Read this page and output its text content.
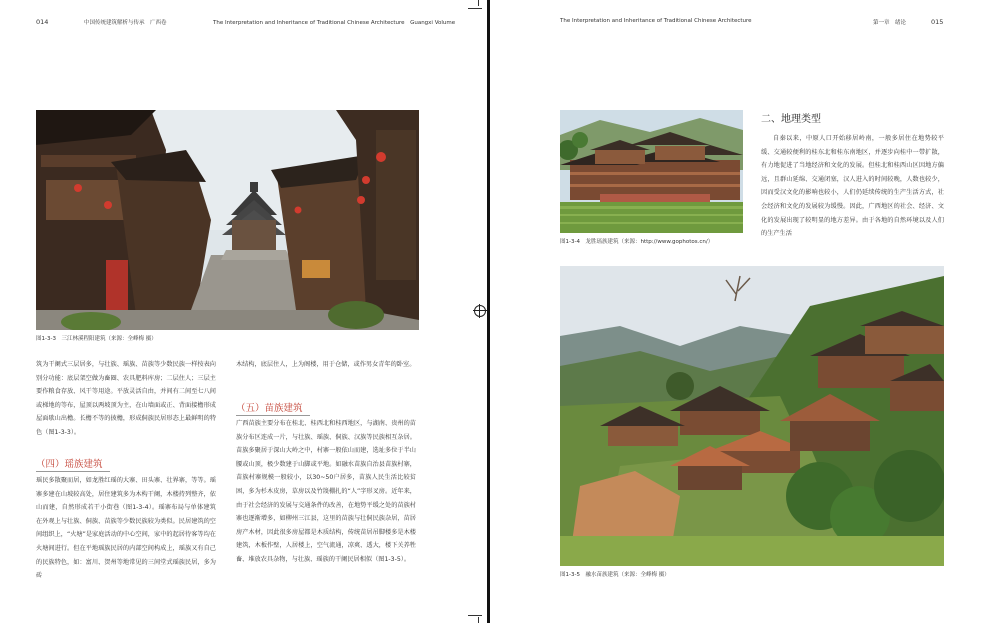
014	中国传统建筑解析与传承　广西卷	The Interpretation and Inheritance of Traditional Chinese Architecture　Guangxi Volume
图1-3-3　三江林溪程阳建筑（来源：全峰梅 摄）
筑为干阑式三层居多，与壮族、瑶族、苗族等少数民族一样按表向别分功能：底层架空做为畜圈、农具肥料库房；二层住人；三层主要作粮食存放、风干等用途。平放灵活自由，并间有二间至七八间或梯地的等布，屋顶以两坡顶为主，在山墙面或正、背面接檐形成屋面歇山出檐。长檐不等的披檐，形成侗族民居形态上最鲜明的特色（图1-3-3）。
（四）瑶族建筑
瑶民多散聚而居，如龙胜红瑶的大寨、田头寨、壮界寨，等等。瑶寨多建在山坡较高处，居住建筑多为木构干阑，木楼持列整齐，依山而建，自然形成若干小街巷（图1-3-4）。瑶寨布局与单体建筑在外观上与壮族、侗族、苗族等少数民族较为类似。民居建筑的空间组织上，“火塘”是家庭活动的中心空间，家中的起居待客等均在火塘间进行。但在平地瑶族民居的内部空间构成上，瑶族又有自己的民族特色，如：富川、贺州等地常见的三间堂式瑶族民居，多为砖
木结构，底层住人，上为阁楼，用于仓储，或作男女青年的卧室。
（五）苗族建筑
广西苗族主要分布在桂北、桂西北和桂西地区，与湖南、贵州的苗族分布区连成一片，与壮族、瑶族、侗族、汉族等民族相互杂居。苗族多聚居于深山大岭之中，村寨一般依山而建，选址多位于半山腰或山顶，极少数建于山脚或平地。如融水苗族自治县苗族村寨，苗族村寨规模一般较小，以30~50户居多，苗族人民生活比较贫困，多为杉木皮房，草房以及竹篾棚扎的“人”字形叉房。近年来，由于社会经济的发展与交通条件的改善，在地势平缓之处的苗族村寨也逐渐增多，如柳州三江县，这里的苗族与壮侗民族杂居，苗居房产木材，因此很多房屋都是木质结构，传统苗居吊脚楼多是木楼建筑，木板作壁，人居楼上，空气流通，凉爽、透大，楼下关养牲畜、堆放农具杂物，与壮族、瑶族的干阑民居相似（图1-3-5）。
The Interpretation and Inheritance of Traditional Chinese Architecture	第一章　绪论	015
图1-3-4　龙胜瑶族建筑（来源：http://www.gophotos.cn/）
二、地理类型
自秦以来，中原人口开始移居岭南，一般多居住在地势较平缓、交通较便利的桂东北和桂东南地区，并逐步向桂中一带扩散，有力地促进了当地经济和文化的发展。但桂北和桂西山区因地方偏远，且群山延绵、交通闭塞，汉人进入的时间较晚，人数也较少，因而受汉文化的影响也较小，人们仍延续传统的生产生活方式，社会经济和文化的发展较为缓慢。因此，广西地区的社会、经济、文化的发展出现了较明显的地方差异。由于各地的自然环境以及人们的生产生活
图1-3-5　融水苗族建筑（来源：全峰梅 摄）
